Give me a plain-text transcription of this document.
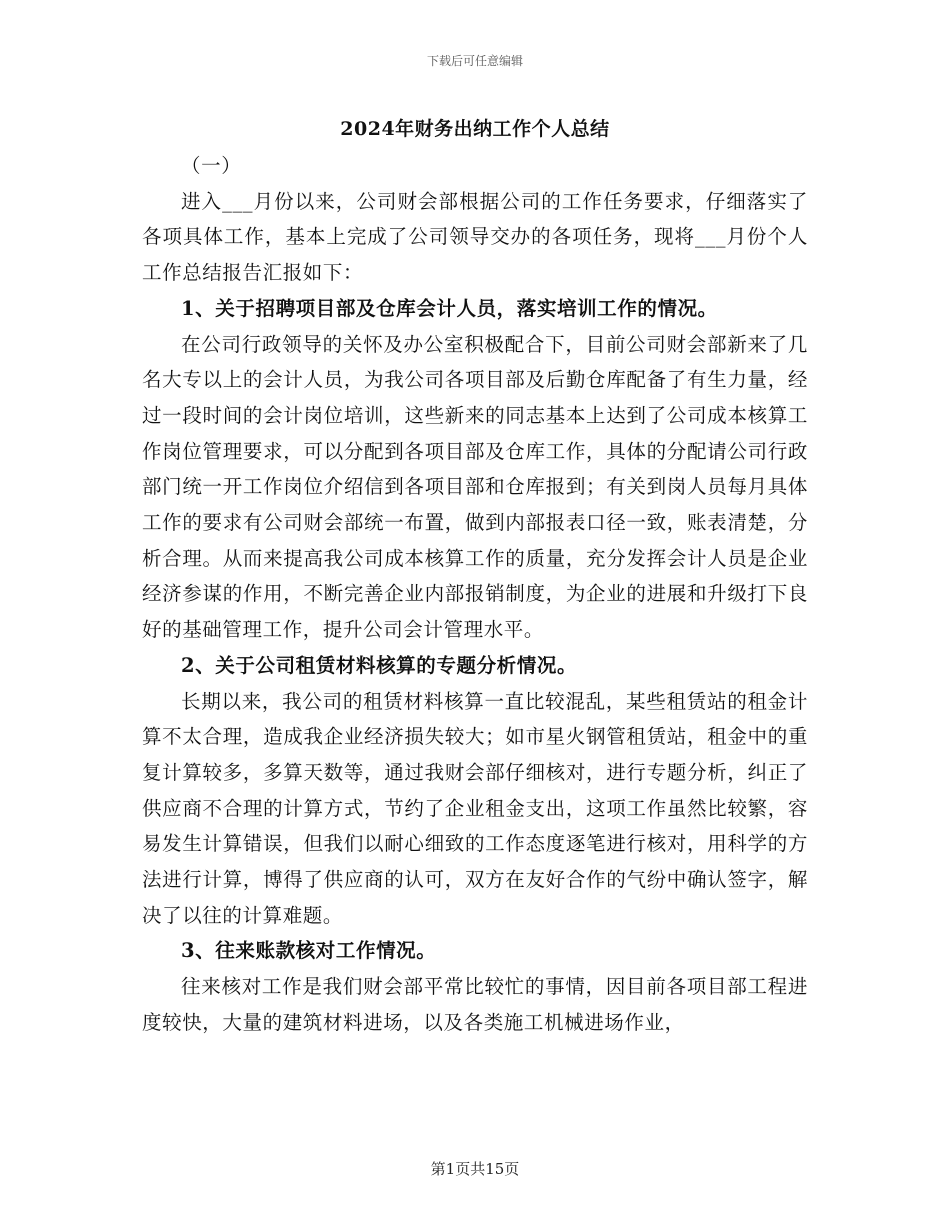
下载后可任意编辑
2024年财务出纳工作个人总结

（一）

进入___月份以来，公司财会部根据公司的工作任务要求，仔细落实了各项具体工作，基本上完成了公司领导交办的各项任务，现将___月份个人工作总结报告汇报如下：

1、关于招聘项目部及仓库会计人员，落实培训工作的情况。

在公司行政领导的关怀及办公室积极配合下，目前公司财会部新来了几名大专以上的会计人员，为我公司各项目部及后勤仓库配备了有生力量，经过一段时间的会计岗位培训，这些新来的同志基本上达到了公司成本核算工作岗位管理要求，可以分配到各项目部及仓库工作，具体的分配请公司行政部门统一开工作岗位介绍信到各项目部和仓库报到；有关到岗人员每月具体工作的要求有公司财会部统一布置，做到内部报表口径一致，账表清楚，分析合理。从而来提高我公司成本核算工作的质量，充分发挥会计人员是企业经济参谋的作用，不断完善企业内部报销制度，为企业的进展和升级打下良好的基础管理工作，提升公司会计管理水平。

2、关于公司租赁材料核算的专题分析情况。

长期以来，我公司的租赁材料核算一直比较混乱，某些租赁站的租金计算不太合理，造成我企业经济损失较大；如市星火钢管租赁站，租金中的重复计算较多，多算天数等，通过我财会部仔细核对，进行专题分析，纠正了供应商不合理的计算方式，节约了企业租金支出，这项工作虽然比较繁，容易发生计算错误，但我们以耐心细致的工作态度逐笔进行核对，用科学的方法进行计算，博得了供应商的认可，双方在友好合作的气纷中确认签字，解决了以往的计算难题。

3、往来账款核对工作情况。

往来核对工作是我们财会部平常比较忙的事情，因目前各项目部工程进度较快，大量的建筑材料进场，以及各类施工机械进场作业，

第1页共15页
